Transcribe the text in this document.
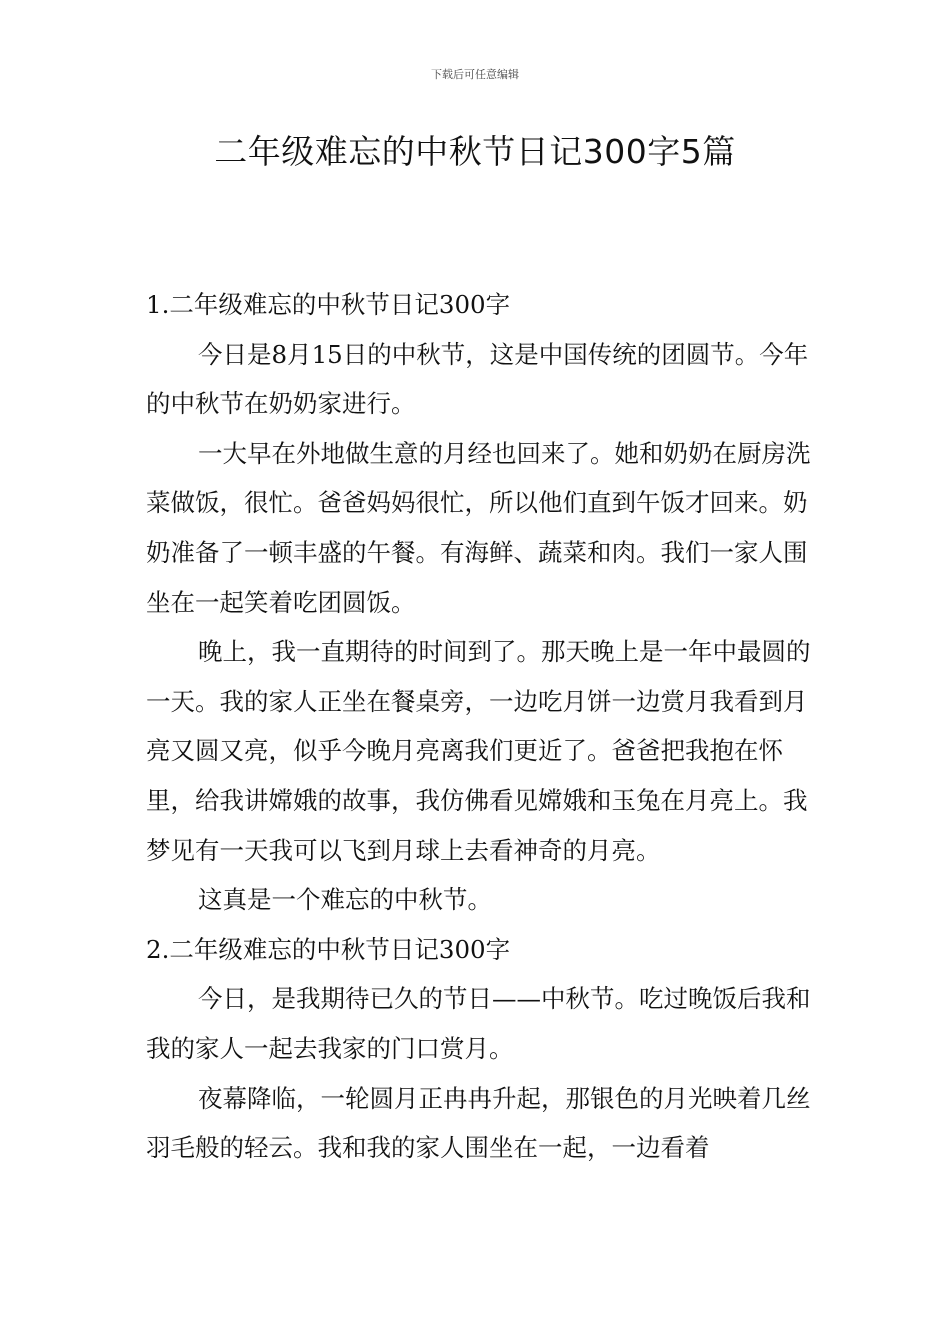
下载后可任意编辑
二年级难忘的中秋节日记300字5篇

1.二年级难忘的中秋节日记300字

今日是8月15日的中秋节，这是中国传统的团圆节。今年的中秋节在奶奶家进行。

一大早在外地做生意的月经也回来了。她和奶奶在厨房洗菜做饭，很忙。爸爸妈妈很忙，所以他们直到午饭才回来。奶奶准备了一顿丰盛的午餐。有海鲜、蔬菜和肉。我们一家人围坐在一起笑着吃团圆饭。

晚上，我一直期待的时间到了。那天晚上是一年中最圆的一天。我的家人正坐在餐桌旁，一边吃月饼一边赏月我看到月亮又圆又亮，似乎今晚月亮离我们更近了。爸爸把我抱在怀里，给我讲嫦娥的故事，我仿佛看见嫦娥和玉兔在月亮上。我梦见有一天我可以飞到月球上去看神奇的月亮。

这真是一个难忘的中秋节。

2.二年级难忘的中秋节日记300字

今日，是我期待已久的节日——中秋节。吃过晚饭后我和我的家人一起去我家的门口赏月。

夜幕降临，一轮圆月正冉冉升起，那银色的月光映着几丝羽毛般的轻云。我和我的家人围坐在一起，一边看着
